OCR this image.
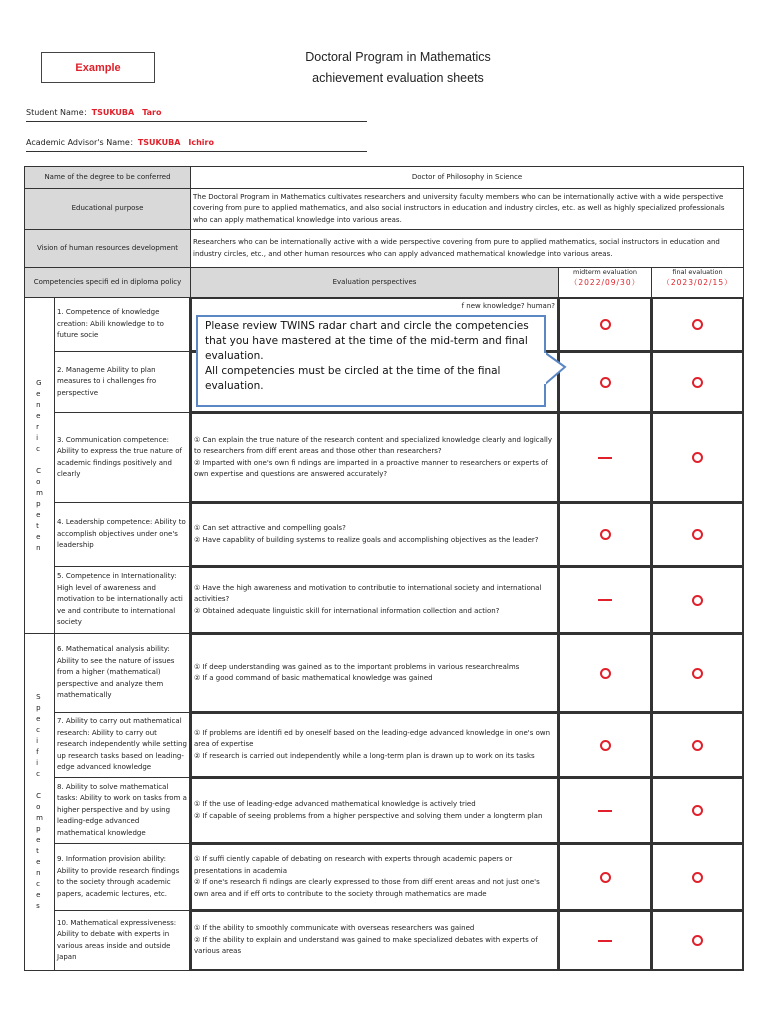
Example
Doctoral Program in Mathematics
achievement evaluation sheets
Student Name：TSUKUBA　Taro
Academic Advisor's Name：TSUKUBA　Ichiro
Name of the degree to be conferred	Doctor of Philosophy in Science
Educational purpose
The Doctoral Program in Mathematics cultivates researchers and university faculty members who can be internationally active with a wide perspective covering from pure to applied mathematics, and also social instructors in education and industry circles, etc. as well as highly specialized professionals who can apply mathematical knowledge into various areas.
Vision of human resources development
Researchers who can be internationally active with a wide perspective covering from pure to applied mathematics, social instructors in education and industry circles, etc., and other human resources who can apply advanced mathematical knowledge into various areas.
Competencies specifi ed in diploma policy	Evaluation perspectives
midterm evaluation
（2022/09/30）
final evaluation
（2023/02/15）
G
e
n
e
r
i
c

C
o
m
p
e
t
e
n
S
p
e
c
i
f
i
c

C
o
m
p
e
t
e
n
c
e
s
1. Competence of knowledge creation: Abili knowledge to to future socie
f new knowledge? human?
2. Manageme Ability to plan measures to i challenges fro perspective
3. Communication competence: Ability to express the true nature of academic findings positively and clearly
① Can explain the true nature of the research content and specialized knowledge clearly and logically to researchers from diff erent areas and those other than researchers?
② Imparted with one's own fi ndings are imparted in a proactive manner to researchers or experts of own expertise and questions are answered accurately?
4. Leadership competence: Ability to accomplish objectives under one's leadership
① Can set attractive and compelling goals?
② Have capablity of building systems to realize goals and accomplishing objectives as the leader?
5. Competence in Internationality: High level of awareness and motivation to be internationally acti ve and contribute to international society
① Have the high awareness and motivation to contributie to international society and international activities?
② Obtained adequate linguistic skill for international information collection and action?
6. Mathematical analysis ability: Ability to see the nature of issues from a higher (mathematical) perspective and analyze them mathematically
① If deep understanding was gained as to the important problems in various researchrealms
② If a good command of basic mathematical knowledge was gained
7. Ability to carry out mathematical research: Ability to carry out research independently while setting up research tasks based on leading-edge advanced knowledge
① If problems are identifi ed by oneself based on the leading-edge advanced knowledge in one's own area of expertise
② If research is carried out independently while a long-term plan is drawn up to work on its tasks
8. Ability to solve mathematical tasks: Ability to work on tasks from a higher perspective and by using leading-edge advanced mathematical knowledge
① If the use of leading-edge advanced mathematical knowledge is actively tried
② If capable of seeing problems from a higher perspective and solving them under a longterm plan
9. Information provision ability: Ability to provide research findings to the society through academic papers, academic lectures, etc.
① If suffi ciently capable of debating on research with experts through academic papers or presentations in academia
② If one's research fi ndings are clearly expressed to those from diff erent areas and not just one's own area and if eff orts to contribute to the society through mathematics are made
10. Mathematical expressiveness: Ability to debate with experts in various areas inside and outside Japan
① If the ability to smoothly communicate with overseas researchers was gained
② If the ability to explain and understand was gained to make specialized debates with experts of various areas
Please review TWINS radar chart and circle the competencies that you have mastered at the time of the mid-term and final evaluation.
All competencies must be circled at the time of the final evaluation.
